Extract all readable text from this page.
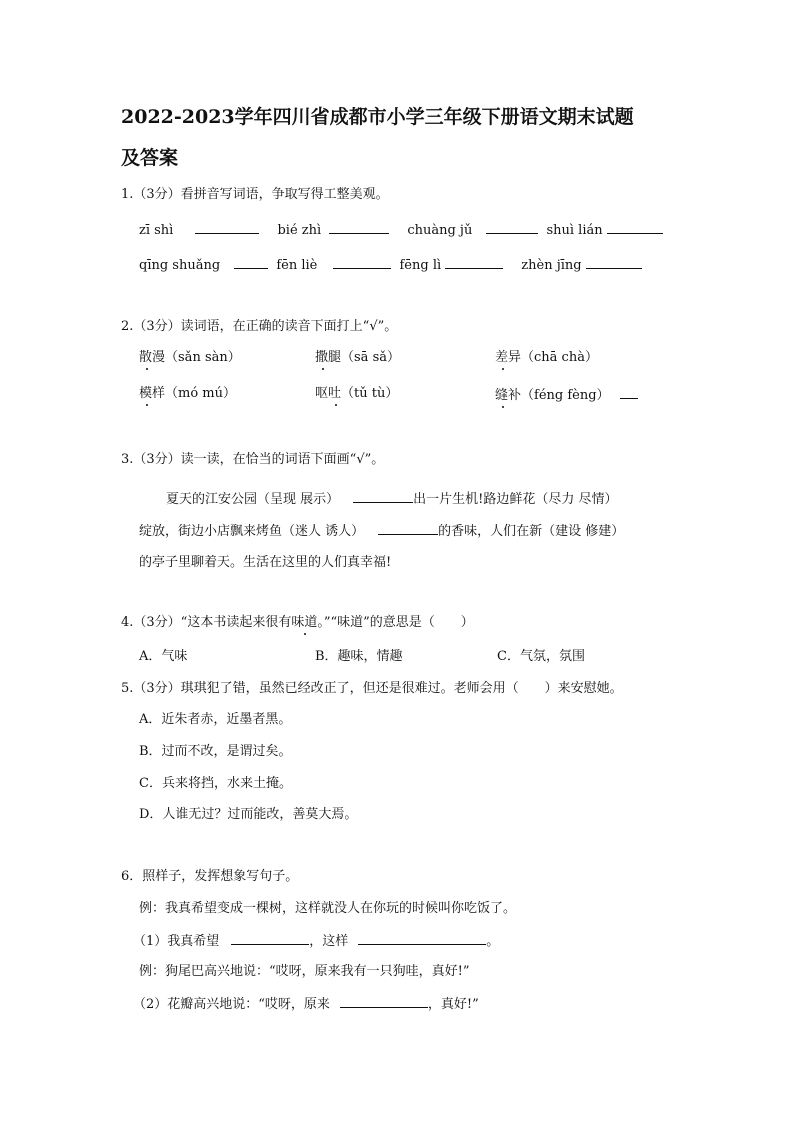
2022-2023学年四川省成都市小学三年级下册语文期末试题
及答案
1.（3分）看拼音写词语，争取写得工整美观。
zī shì	bié zhì	chuàng jǔ	shuì lián
qīng shuǎng	fēn liè	fēng lì	zhèn jīng
2.（3分）读词语，在正确的读音下面打上“√”。
散漫（sǎn sàn）	撒腿（sā sǎ）	差异（chā chà）
模样（mó mú）	呕吐（tǔ tù）	缝补（féng fèng）
3.（3分）读一读，在恰当的词语下面画“√”。
夏天的江安公园（呈现 展示）	出一片生机!路边鲜花（尽力 尽情）
绽放，街边小店飘来烤鱼（迷人 诱人）	的香味，人们在新（建设 修建）
的亭子里聊着天。生活在这里的人们真幸福!
4.（3分）“这本书读起来很有味道。”“味道”的意思是（　　）
A．气味	B．趣味，情趣	C．气氛，氛围
5.（3分）琪琪犯了错，虽然已经改正了，但还是很难过。老师会用（　　）来安慰她。
A．近朱者赤，近墨者黑。
B．过而不改，是谓过矣。
C．兵来将挡，水来土掩。
D．人谁无过？过而能改，善莫大焉。
6．照样子，发挥想象写句子。
例：我真希望变成一棵树，这样就没人在你玩的时候叫你吃饭了。
（1）我真希望	，这样	。
例：狗尾巴高兴地说：“哎呀，原来我有一只狗哇，真好!”
（2）花瓣高兴地说：“哎呀，原来	，真好!”
